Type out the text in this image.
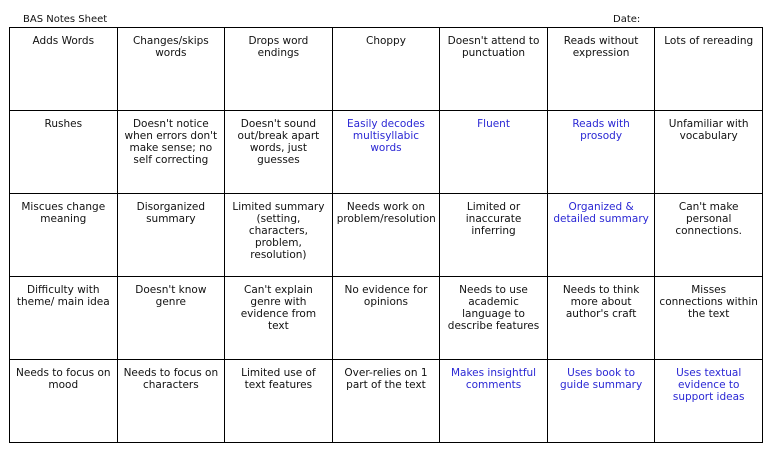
BAS Notes Sheet	Date:
Adds Words	Changes/skips words	Drops word endings	Choppy	Doesn't attend to punctuation	Reads without expression	Lots of rereading

Rushes	Doesn't notice when errors don't make sense; no self correcting	Doesn't sound out/break apart words, just guesses	Easily decodes multisyllabic words	Fluent	Reads with prosody	Unfamiliar with vocabulary

Miscues change meaning	Disorganized summary	Limited summary (setting, characters, problem, resolution)	Needs work on problem/resolution	Limited or inaccurate inferring	Organized & detailed summary	Can't make personal connections.

Difficulty with theme/ main idea	Doesn't know genre	Can't explain genre with evidence from text	No evidence for opinions	Needs to use academic language to describe features	Needs to think more about author's craft	Misses connections within the text

Needs to focus on mood	Needs to focus on characters	Limited use of text features	Over-relies on 1 part of the text	Makes insightful comments	Uses book to guide summary	Uses textual evidence to support ideas
